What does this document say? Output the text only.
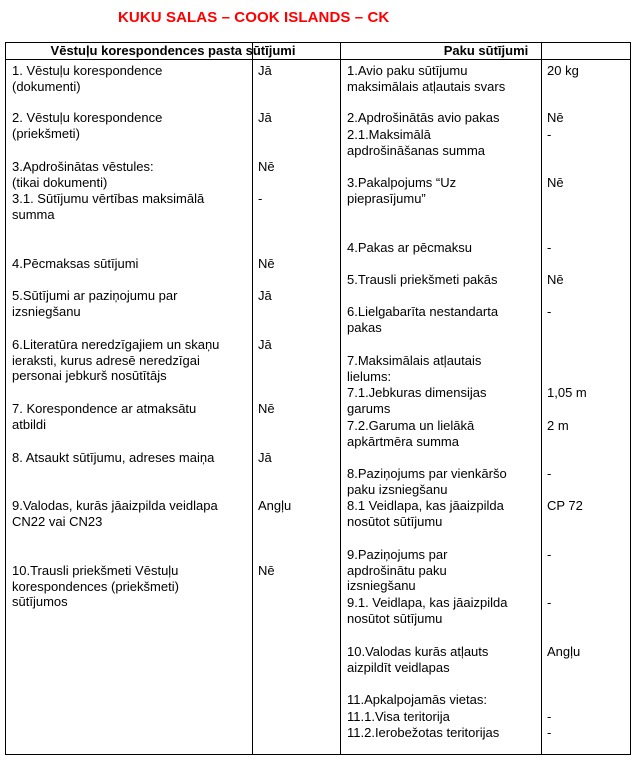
KUKU SALAS – COOK ISLANDS – CK
Vēstuļu korespondences pasta sūtījumi	Paku sūtījumi
1. Vēstuļu korespondence
(dokumenti)
2. Vēstuļu korespondence
(priekšmeti)
3.Apdrošinātas vēstules:
(tikai dokumenti)
3.1. Sūtījumu vērtības maksimālā
summa
4.Pēcmaksas sūtījumi
5.Sūtījumi ar paziņojumu par
izsniegšanu
6.Literatūra neredzīgajiem un skaņu
ieraksti, kurus adresē neredzīgai
personai jebkurš nosūtītājs
7. Korespondence ar atmaksātu
atbildi
8. Atsaukt sūtījumu, adreses maiņa
9.Valodas, kurās jāaizpilda veidlapa
CN22 vai CN23
10.Trausli priekšmeti Vēstuļu
korespondences (priekšmeti)
sūtījumos
Jā
Jā
Nē
-
Nē
Jā
Jā
Nē
Jā
Angļu
Nē
1.Avio paku sūtījumu
maksimālais atļautais svars
2.Apdrošinātās avio pakas
2.1.Maksimālā
apdrošināšanas summa
3.Pakalpojums “Uz
pieprasījumu”
4.Pakas ar pēcmaksu
5.Trausli priekšmeti pakās
6.Lielgabarīta nestandarta
pakas
7.Maksimālais atļautais
lielums:
7.1.Jebkuras dimensijas
garums
7.2.Garuma un lielākā
apkārtmēra summa
8.Paziņojums par vienkāršo
paku izsniegšanu
8.1 Veidlapa, kas jāaizpilda
nosūtot sūtījumu
9.Paziņojums par
apdrošinātu paku
izsniegšanu
9.1. Veidlapa, kas jāaizpilda
nosūtot sūtījumu
10.Valodas kurās atļauts
aizpildīt veidlapas
11.Apkalpojamās vietas:
11.1.Visa teritorija
11.2.Ierobežotas teritorijas
20 kg
Nē
-
Nē
-
Nē
-
1,05 m
2 m
-
CP 72
-
-
Angļu
-
-
